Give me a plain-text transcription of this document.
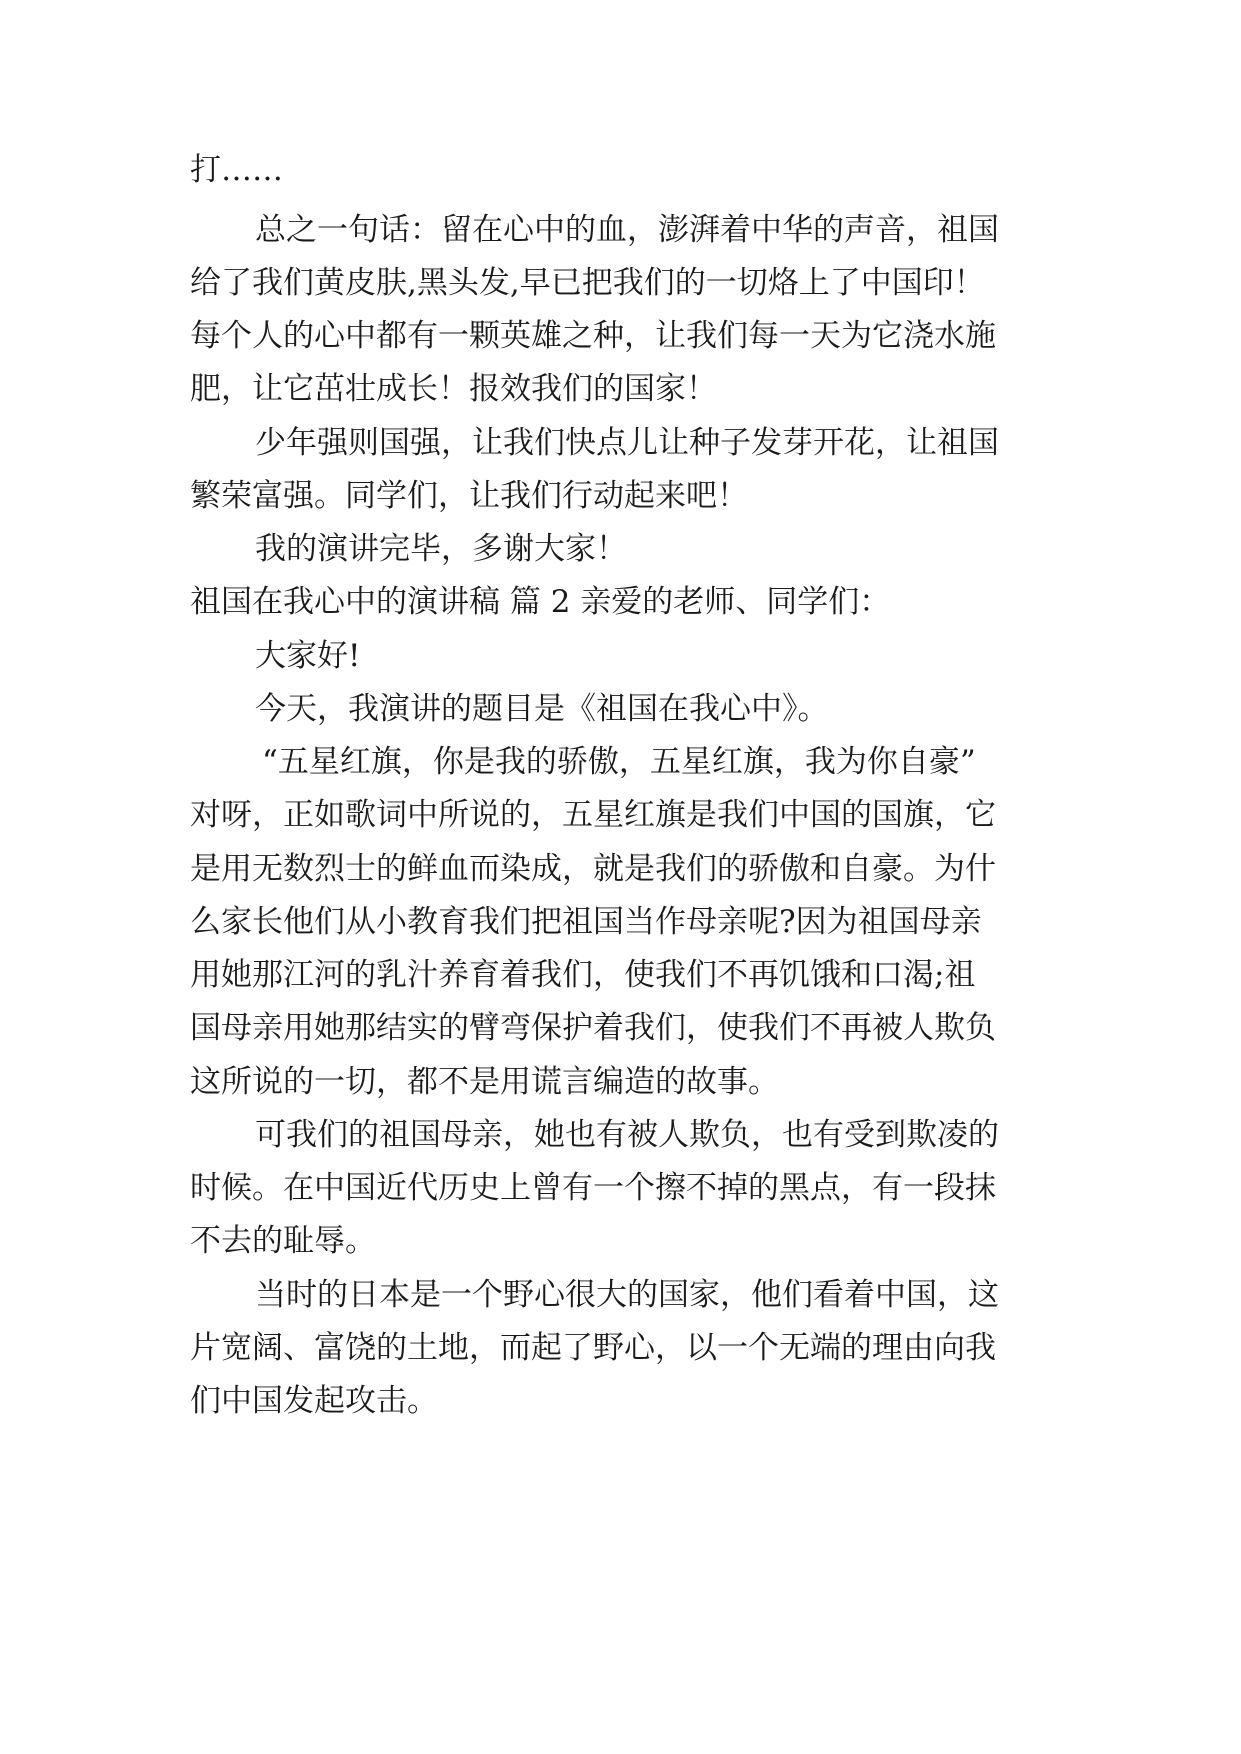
打……
总之一句话：留在心中的血，澎湃着中华的声音，祖国
给了我们黄皮肤,黑头发,早已把我们的一切烙上了中国印！
每个人的心中都有一颗英雄之种，让我们每一天为它浇水施
肥，让它茁壮成长！报效我们的国家！
少年强则国强，让我们快点儿让种子发芽开花，让祖国
繁荣富强。同学们，让我们行动起来吧！
我的演讲完毕，多谢大家！
祖国在我心中的演讲稿 篇 2 亲爱的老师、同学们：
大家好!
今天，我演讲的题目是《祖国在我心中》。
“五星红旗，你是我的骄傲，五星红旗，我为你自豪”
对呀，正如歌词中所说的，五星红旗是我们中国的国旗，它
是用无数烈士的鲜血而染成，就是我们的骄傲和自豪。为什
么家长他们从小教育我们把祖国当作母亲呢?因为祖国母亲
用她那江河的乳汁养育着我们，使我们不再饥饿和口渴;祖
国母亲用她那结实的臂弯保护着我们，使我们不再被人欺负
这所说的一切，都不是用谎言编造的故事。
可我们的祖国母亲，她也有被人欺负，也有受到欺凌的
时候。在中国近代历史上曾有一个擦不掉的黑点，有一段抹
不去的耻辱。
当时的日本是一个野心很大的国家，他们看着中国，这
片宽阔、富饶的土地，而起了野心，以一个无端的理由向我
们中国发起攻击。
